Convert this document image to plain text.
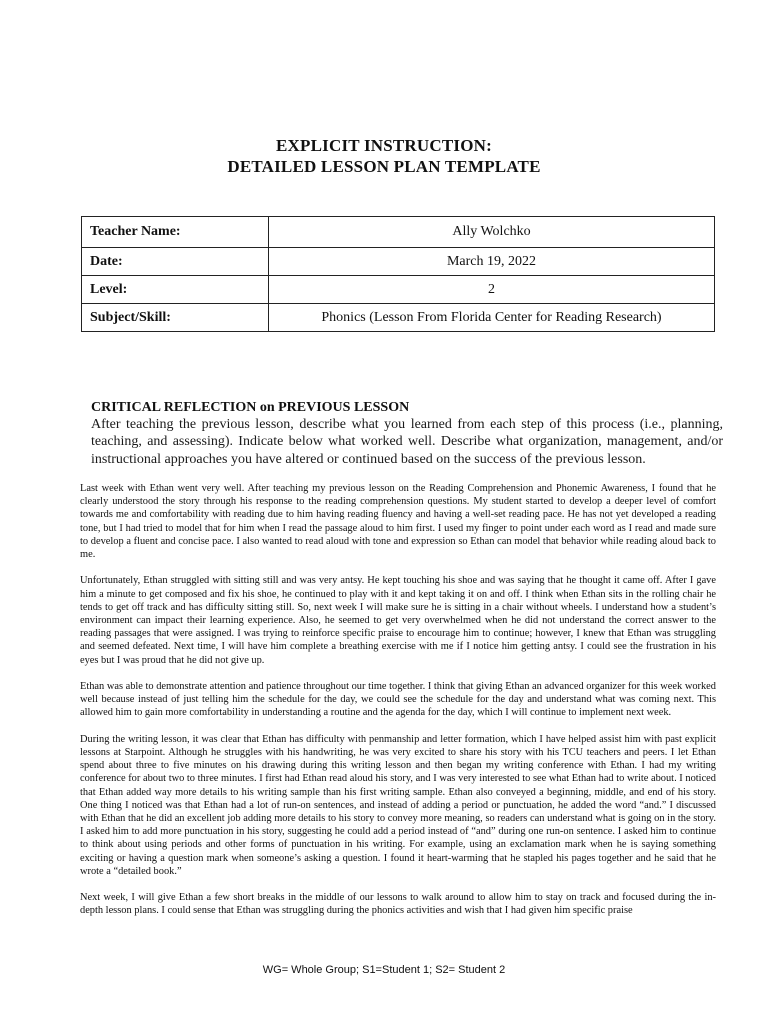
EXPLICIT INSTRUCTION:
DETAILED LESSON PLAN TEMPLATE
Teacher Name:	Ally Wolchko
Date:	March 19, 2022
Level:	2
Subject/Skill:	Phonics (Lesson From Florida Center for Reading Research)
CRITICAL REFLECTION on PREVIOUS LESSON
After teaching the previous lesson, describe what you learned from each step of this process (i.e., planning, teaching, and assessing). Indicate below what worked well. Describe what organization, management, and/or instructional approaches you have altered or continued based on the success of the previous lesson.

Last week with Ethan went very well. After teaching my previous lesson on the Reading Comprehension and Phonemic Awareness, I found that he clearly understood the story through his response to the reading comprehension questions. My student started to develop a deeper level of comfort towards me and comfortability with reading due to him having reading fluency and having a well-set reading pace. He has not yet developed a reading tone, but I had tried to model that for him when I read the passage aloud to him first. I used my finger to point under each word as I read and made sure to develop a fluent and concise pace. I also wanted to read aloud with tone and expression so Ethan can model that behavior while reading aloud back to me.

Unfortunately, Ethan struggled with sitting still and was very antsy. He kept touching his shoe and was saying that he thought it came off. After I gave him a minute to get composed and fix his shoe, he continued to play with it and kept taking it on and off. I think when Ethan sits in the rolling chair he tends to get off track and has difficulty sitting still. So, next week I will make sure he is sitting in a chair without wheels. I understand how a student’s environment can impact their learning experience. Also, he seemed to get very overwhelmed when he did not understand the correct answer to the reading passages that were assigned. I was trying to reinforce specific praise to encourage him to continue; however, I knew that Ethan was struggling and seemed defeated. Next time, I will have him complete a breathing exercise with me if I notice him getting antsy. I could see the frustration in his eyes but I was proud that he did not give up.

Ethan was able to demonstrate attention and patience throughout our time together. I think that giving Ethan an advanced organizer for this week worked well because instead of just telling him the schedule for the day, we could see the schedule for the day and understand what was coming next. This allowed him to gain more comfortability in understanding a routine and the agenda for the day, which I will continue to implement next week.

During the writing lesson, it was clear that Ethan has difficulty with penmanship and letter formation, which I have helped assist him with past explicit lessons at Starpoint. Although he struggles with his handwriting, he was very excited to share his story with his TCU teachers and peers. I let Ethan spend about three to five minutes on his drawing during this writing lesson and then began my writing conference with Ethan. I had my writing conference for about two to three minutes. I first had Ethan read aloud his story, and I was very interested to see what Ethan had to write about. I noticed that Ethan added way more details to his writing sample than his first writing sample. Ethan also conveyed a beginning, middle, and end of his story. One thing I noticed was that Ethan had a lot of run-on sentences, and instead of adding a period or punctuation, he added the word “and.” I discussed with Ethan that he did an excellent job adding more details to his story to convey more meaning, so readers can understand what is going on in the story. I asked him to add more punctuation in his story, suggesting he could add a period instead of “and” during one run-on sentence. I asked him to continue to think about using periods and other forms of punctuation in his writing. For example, using an exclamation mark when he is saying something exciting or having a question mark when someone’s asking a question. I found it heart-warming that he stapled his pages together and he said that he wrote a “detailed book.”

Next week, I will give Ethan a few short breaks in the middle of our lessons to walk around to allow him to stay on track and focused during the in-depth lesson plans. I could sense that Ethan was struggling during the phonics activities and wish that I had given him specific praise

WG= Whole Group; S1=Student 1; S2= Student 2
